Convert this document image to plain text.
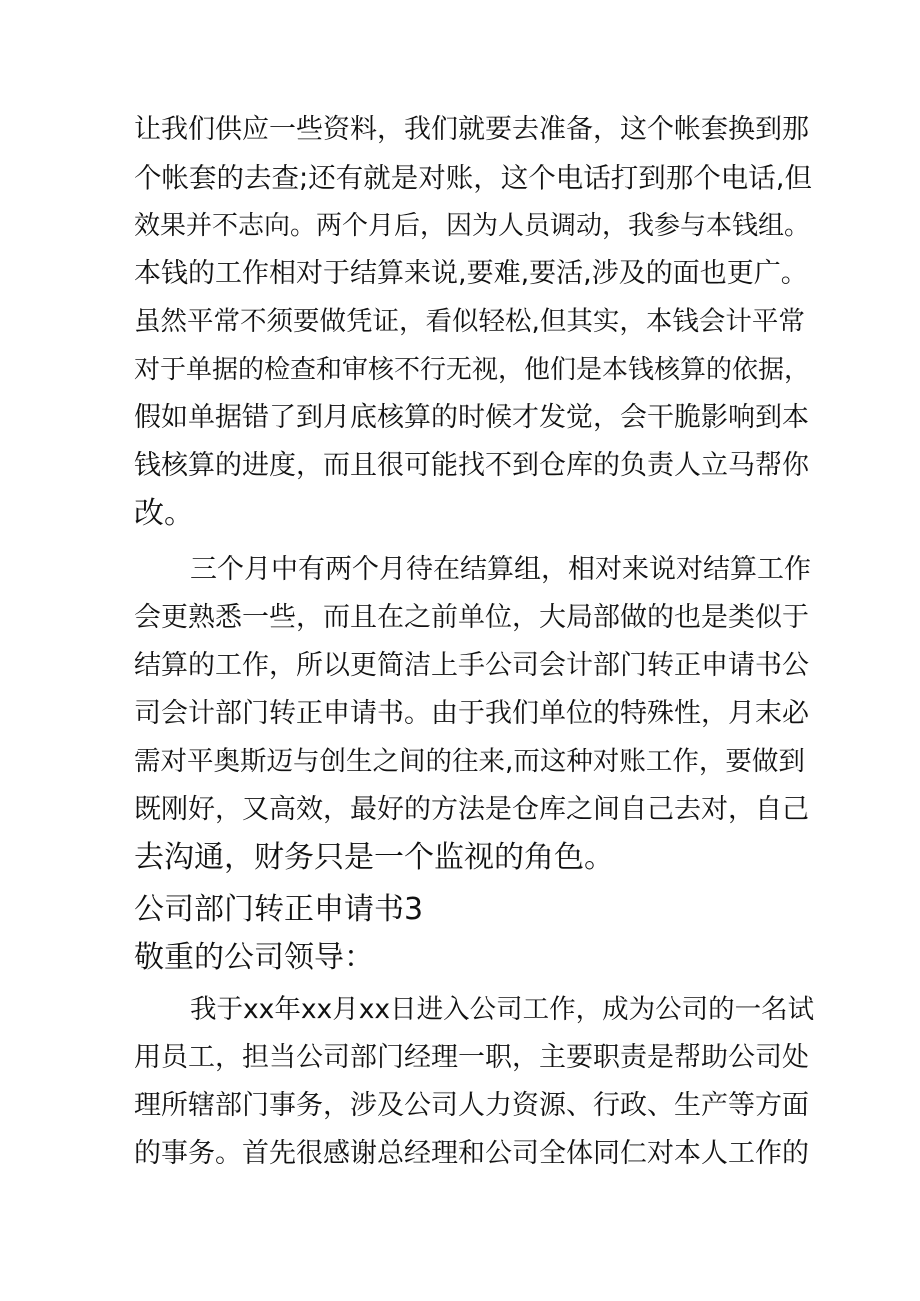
让我们供应一些资料，我们就要去准备，这个帐套换到那
个帐套的去查;还有就是对账，这个电话打到那个电话,但
效果并不志向。两个月后，因为人员调动，我参与本钱组。
本钱的工作相对于结算来说,要难,要活,涉及的面也更广。
虽然平常不须要做凭证，看似轻松,但其实，本钱会计平常
对于单据的检查和审核不行无视，他们是本钱核算的依据，
假如单据错了到月底核算的时候才发觉，会干脆影响到本
钱核算的进度，而且很可能找不到仓库的负责人立马帮你
改。
三个月中有两个月待在结算组，相对来说对结算工作
会更熟悉一些，而且在之前单位，大局部做的也是类似于
结算的工作，所以更简洁上手公司会计部门转正申请书公
司会计部门转正申请书。由于我们单位的特殊性，月末必
需对平奥斯迈与创生之间的往来,而这种对账工作，要做到
既刚好，又高效，最好的方法是仓库之间自己去对，自己
去沟通，财务只是一个监视的角色。
公司部门转正申请书3
敬重的公司领导：
我于xx年xx月xx日进入公司工作，成为公司的一名试
用员工，担当公司部门经理一职，主要职责是帮助公司处
理所辖部门事务，涉及公司人力资源、行政、生产等方面
的事务。首先很感谢总经理和公司全体同仁对本人工作的
